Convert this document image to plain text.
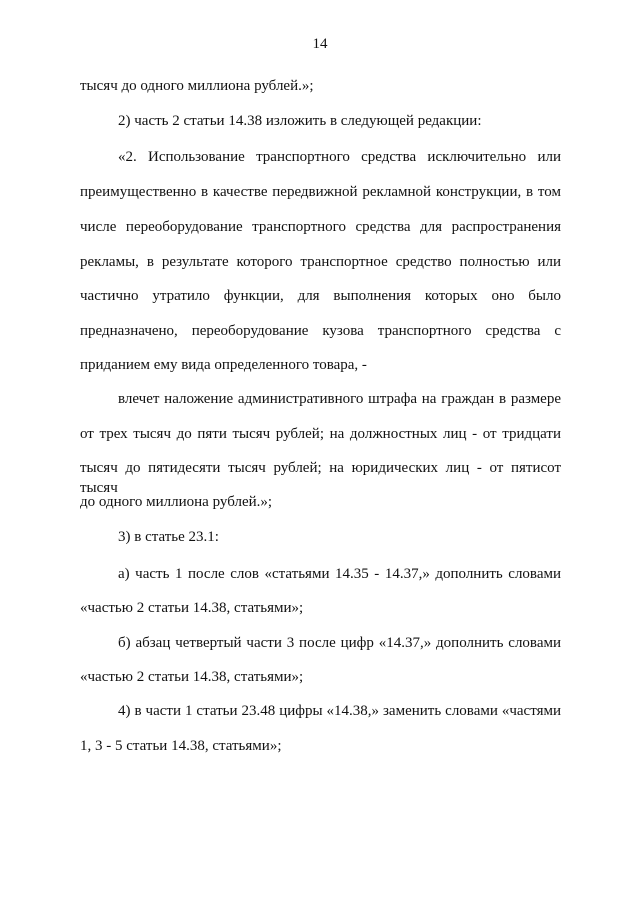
14
тысяч до одного миллиона рублей.»;
2) часть 2 статьи 14.38 изложить в следующей редакции:
«2. Использование транспортного средства исключительно или
преимущественно в качестве передвижной рекламной конструкции, в том
числе переоборудование транспортного средства для распространения
рекламы, в результате которого транспортное средство полностью или
частично утратило функции, для выполнения которых оно было
предназначено, переоборудование кузова транспортного средства с
приданием ему вида определенного товара, -
влечет наложение административного штрафа на граждан в размере
от трех тысяч до пяти тысяч рублей; на должностных лиц - от тридцати
тысяч до пятидесяти тысяч рублей; на юридических лиц - от пятисот тысяч
до одного миллиона рублей.»;
3) в статье 23.1:
а) часть 1 после слов «статьями 14.35 - 14.37,» дополнить словами
«частью 2 статьи 14.38, статьями»;
б) абзац четвертый части 3 после цифр «14.37,» дополнить словами
«частью 2 статьи 14.38, статьями»;
4) в части 1 статьи 23.48 цифры «14.38,» заменить словами «частями
1, 3 - 5 статьи 14.38, статьями»;
